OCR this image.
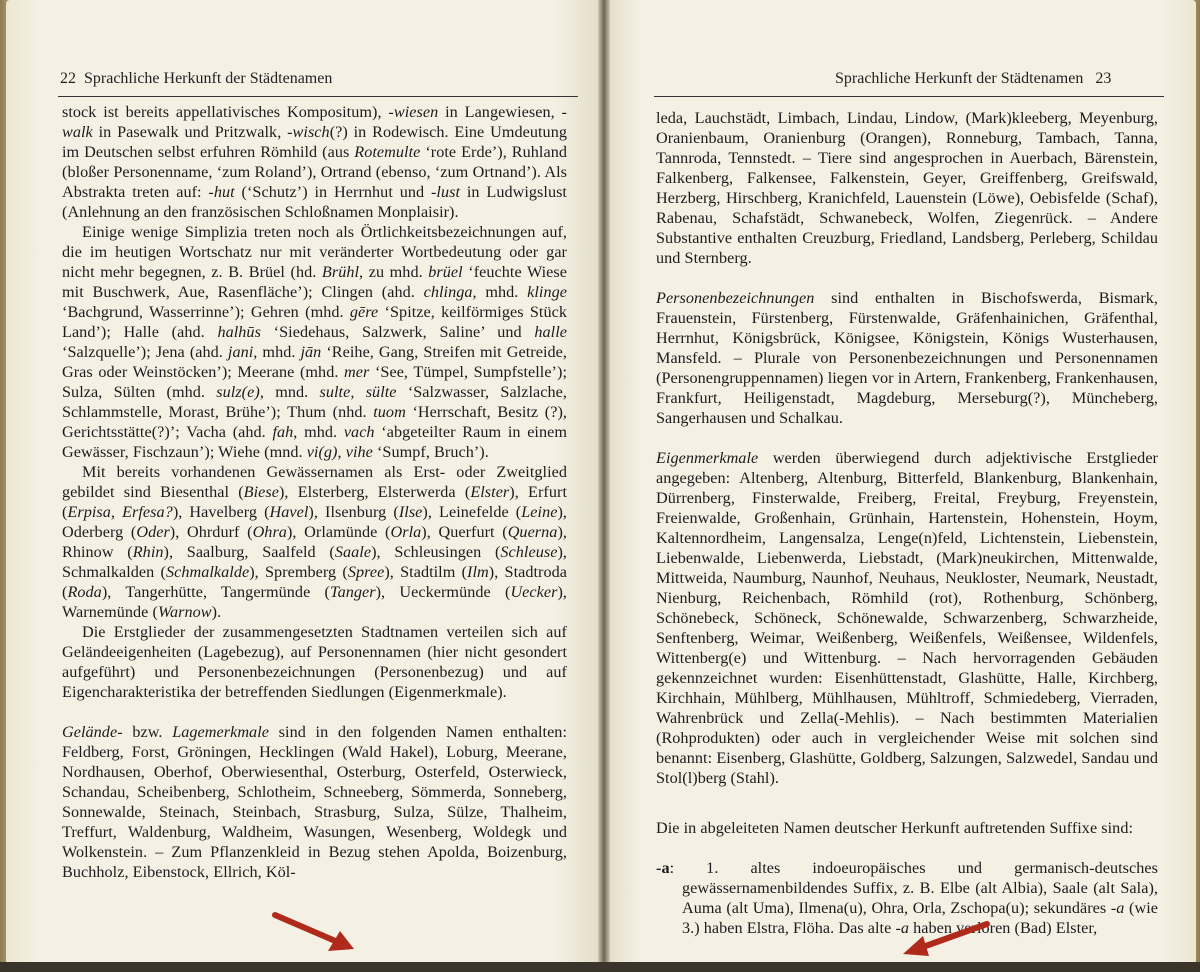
22  Sprachliche Herkunft der Städtenamen	Sprachliche Herkunft der Städtenamen   23

stock ist bereits appellativisches Kompositum), -wiesen in Langewiesen, -walk in Pasewalk und Pritzwalk, -wisch(?) in Rodewisch. Eine Umdeutung im Deutschen selbst erfuhren Römhild (aus Rotemulte ‘rote Erde’), Ruhland (bloßer Personenname, ‘zum Roland’), Ortrand (ebenso, ‘zum Ortnand’). Als Abstrakta treten auf: -hut (‘Schutz’) in Herrnhut und -lust in Ludwigslust (Anlehnung an den französischen Schloßnamen Monplaisir).

Einige wenige Simplizia treten noch als Örtlichkeitsbezeichnungen auf, die im heutigen Wortschatz nur mit veränderter Wortbedeutung oder gar nicht mehr begegnen, z. B. Brüel (hd. Brühl, zu mhd. brüel ‘feuchte Wiese mit Buschwerk, Aue, Rasenfläche’); Clingen (ahd. chlinga, mhd. klinge ‘Bachgrund, Wasserrinne’); Gehren (mhd. gēre ‘Spitze, keilförmiges Stück Land’); Halle (ahd. halhūs ‘Siedehaus, Salzwerk, Saline’ und halle ‘Salzquelle’); Jena (ahd. jani, mhd. jān ‘Reihe, Gang, Streifen mit Getreide, Gras oder Weinstöcken’); Meerane (mhd. mer ‘See, Tümpel, Sumpfstelle’); Sulza, Sülten (mhd. sulz(e), mnd. sulte, sülte ‘Salzwasser, Salzlache, Schlammstelle, Morast, Brühe’); Thum (nhd. tuom ‘Herrschaft, Besitz (?), Gerichtsstätte(?)’; Vacha (ahd. fah, mhd. vach ‘abgeteilter Raum in einem Gewässer, Fischzaun’); Wiehe (mnd. vi(g), vihe ‘Sumpf, Bruch’).

Mit bereits vorhandenen Gewässernamen als Erst- oder Zweitglied gebildet sind Biesenthal (Biese), Elsterberg, Elsterwerda (Elster), Erfurt (Erpisa, Erfesa?), Havelberg (Havel), Ilsenburg (Ilse), Leinefelde (Leine), Oderberg (Oder), Ohrdurf (Ohra), Orlamünde (Orla), Querfurt (Querna), Rhinow (Rhin), Saalburg, Saalfeld (Saale), Schleusingen (Schleuse), Schmalkalden (Schmalkalde), Spremberg (Spree), Stadtilm (Ilm), Stadtroda (Roda), Tangerhütte, Tangermünde (Tanger), Ueckermünde (Uecker), Warnemünde (Warnow).

Die Erstglieder der zusammengesetzten Stadtnamen verteilen sich auf Geländeeigenheiten (Lagebezug), auf Personennamen (hier nicht gesondert aufgeführt) und Personenbezeichnungen (Personenbezug) und auf Eigencharakteristika der betreffenden Siedlungen (Eigenmerkmale).

Gelände- bzw. Lagemerkmale sind in den folgenden Namen enthalten: Feldberg, Forst, Gröningen, Hecklingen (Wald Hakel), Loburg, Meerane, Nordhausen, Oberhof, Oberwiesenthal, Osterburg, Osterfeld, Osterwieck, Schandau, Scheibenberg, Schlotheim, Schneeberg, Sömmerda, Sonneberg, Sonnewalde, Steinach, Steinbach, Strasburg, Sulza, Sülze, Thalheim, Treffurt, Waldenburg, Waldheim, Wasungen, Wesenberg, Woldegk und Wolkenstein. – Zum Pflanzenkleid in Bezug stehen Apolda, Boizenburg, Buchholz, Eibenstock, Ellrich, Köl-

leda, Lauchstädt, Limbach, Lindau, Lindow, (Mark)kleeberg, Meyenburg, Oranienbaum, Oranienburg (Orangen), Ronneburg, Tambach, Tanna, Tannroda, Tennstedt. – Tiere sind angesprochen in Auerbach, Bärenstein, Falkenberg, Falkensee, Falkenstein, Geyer, Greiffenberg, Greifswald, Herzberg, Hirschberg, Kranichfeld, Lauenstein (Löwe), Oebisfelde (Schaf), Rabenau, Schafstädt, Schwanebeck, Wolfen, Ziegenrück. – Andere Substantive enthalten Creuzburg, Friedland, Landsberg, Perleberg, Schildau und Sternberg.

Personenbezeichnungen sind enthalten in Bischofswerda, Bismark, Frauenstein, Fürstenberg, Fürstenwalde, Gräfenhainichen, Gräfenthal, Herrnhut, Königsbrück, Königsee, Königstein, Königs Wusterhausen, Mansfeld. – Plurale von Personenbezeichnungen und Personennamen (Personengruppennamen) liegen vor in Artern, Frankenberg, Frankenhausen, Frankfurt, Heiligenstadt, Magdeburg, Merseburg(?), Müncheberg, Sangerhausen und Schalkau.

Eigenmerkmale werden überwiegend durch adjektivische Erstglieder angegeben: Altenberg, Altenburg, Bitterfeld, Blankenburg, Blankenhain, Dürrenberg, Finsterwalde, Freiberg, Freital, Freyburg, Freyenstein, Freienwalde, Großenhain, Grünhain, Hartenstein, Hohenstein, Hoym, Kaltennordheim, Langensalza, Lenge(n)feld, Lichtenstein, Liebenstein, Liebenwalde, Liebenwerda, Liebstadt, (Mark)neukirchen, Mittenwalde, Mittweida, Naumburg, Naunhof, Neuhaus, Neukloster, Neumark, Neustadt, Nienburg, Reichenbach, Römhild (rot), Rothenburg, Schönberg, Schönebeck, Schöneck, Schönewalde, Schwarzenberg, Schwarzheide, Senftenberg, Weimar, Weißenberg, Weißenfels, Weißensee, Wildenfels, Wittenberg(e) und Wittenburg. – Nach hervorragenden Gebäuden gekennzeichnet wurden: Eisenhüttenstadt, Glashütte, Halle, Kirchberg, Kirchhain, Mühlberg, Mühlhausen, Mühltroff, Schmiedeberg, Vierraden, Wahrenbrück und Zella(-Mehlis). – Nach bestimmten Materialien (Rohprodukten) oder auch in vergleichender Weise mit solchen sind benannt: Eisenberg, Glashütte, Goldberg, Salzungen, Salzwedel, Sandau und Stol(l)berg (Stahl).

Die in abgeleiteten Namen deutscher Herkunft auftretenden Suffixe sind:

-a: 1. altes indoeuropäisches und germanisch-deutsches gewässernamenbildendes Suffix, z. B. Elbe (alt Albia), Saale (alt Sala), Auma (alt Uma), Ilmena(u), Ohra, Orla, Zschopa(u); sekundäres -a (wie 3.) haben Elstra, Flöha. Das alte -a haben verloren (Bad) Elster,
